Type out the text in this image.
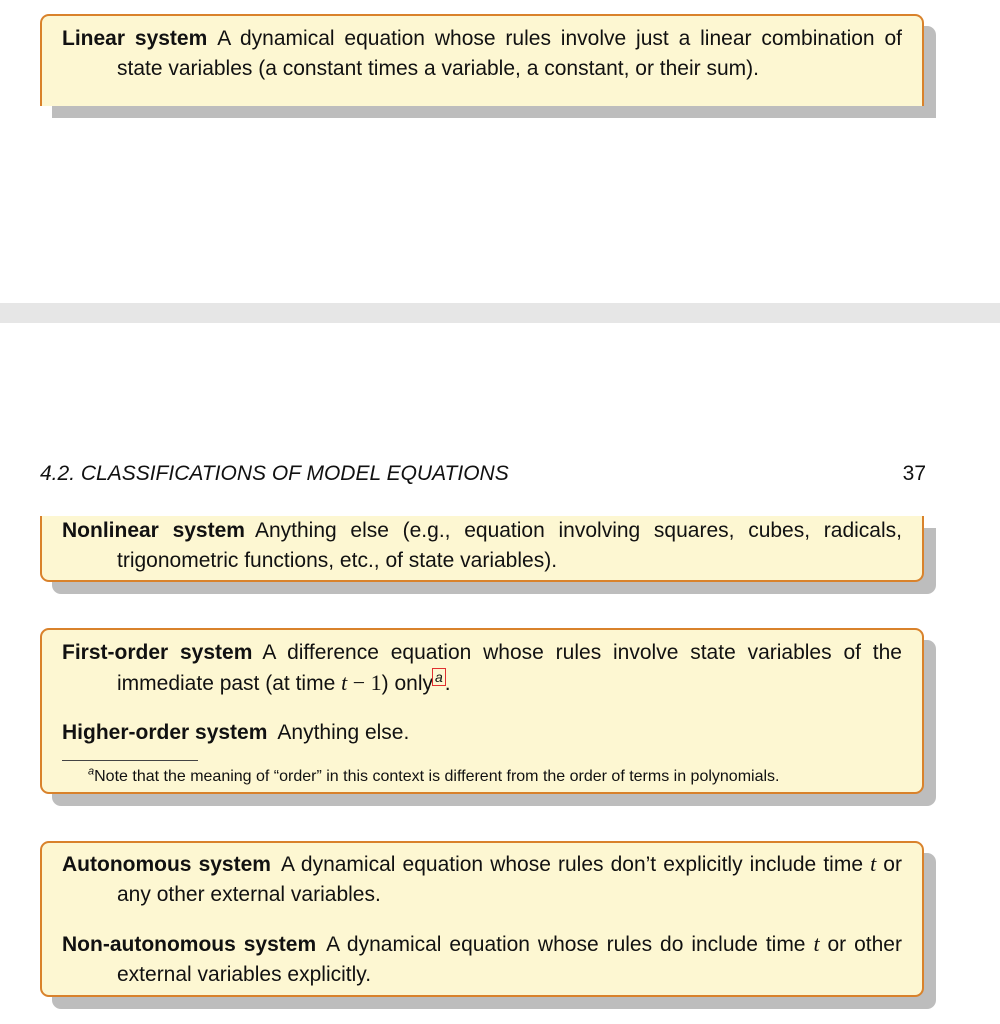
Linear system A dynamical equation whose rules involve just a linear combination of state variables (a constant times a variable, a constant, or their sum).

4.2. CLASSIFICATIONS OF MODEL EQUATIONS	37

Nonlinear system Anything else (e.g., equation involving squares, cubes, radicals, trigonometric functions, etc., of state variables).

First-order system A difference equation whose rules involve state variables of the immediate past (at time t − 1) only $^a$.

Higher-order system Anything else.

$^a$Note that the meaning of “order” in this context is different from the order of terms in polynomials.

Autonomous system A dynamical equation whose rules don’t explicitly include time t or any other external variables.

Non-autonomous system A dynamical equation whose rules do include time t or other external variables explicitly.
